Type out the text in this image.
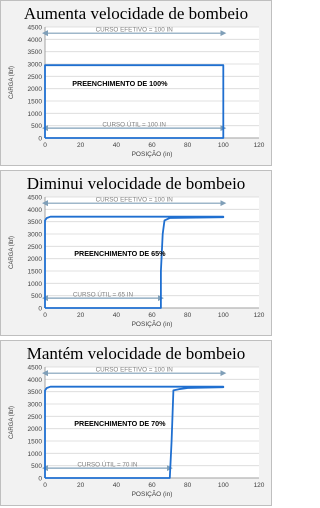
Aumenta velocidade de bombeio
0
500
1000
1500
2000
2500
3000
3500
4000
4500
0	20	40	60	80	100	120
POSIÇÃO (in)
CARGA (lbf)
CURSO EFETIVO = 100 IN
CURSO ÚTIL = 100 IN
PREENCHIMENTO DE 100%
Diminui velocidade de bombeio
0
500
1000
1500
2000
2500
3000
3500
4000
4500
0	20	40	60	80	100	120
POSIÇÃO (in)
CARGA (lbf)
CURSO EFETIVO = 100 IN
CURSO ÚTIL = 65 IN
PREENCHIMENTO DE 65%
Mantém velocidade de bombeio
0
500
1000
1500
2000
2500
3000
3500
4000
4500
0	20	40	60	80	100	120
POSIÇÃO (in)
CARGA (lbf)
CURSO EFETIVO = 100 IN
CURSO ÚTIL = 70 IN
PREENCHIMENTO DE 70%
